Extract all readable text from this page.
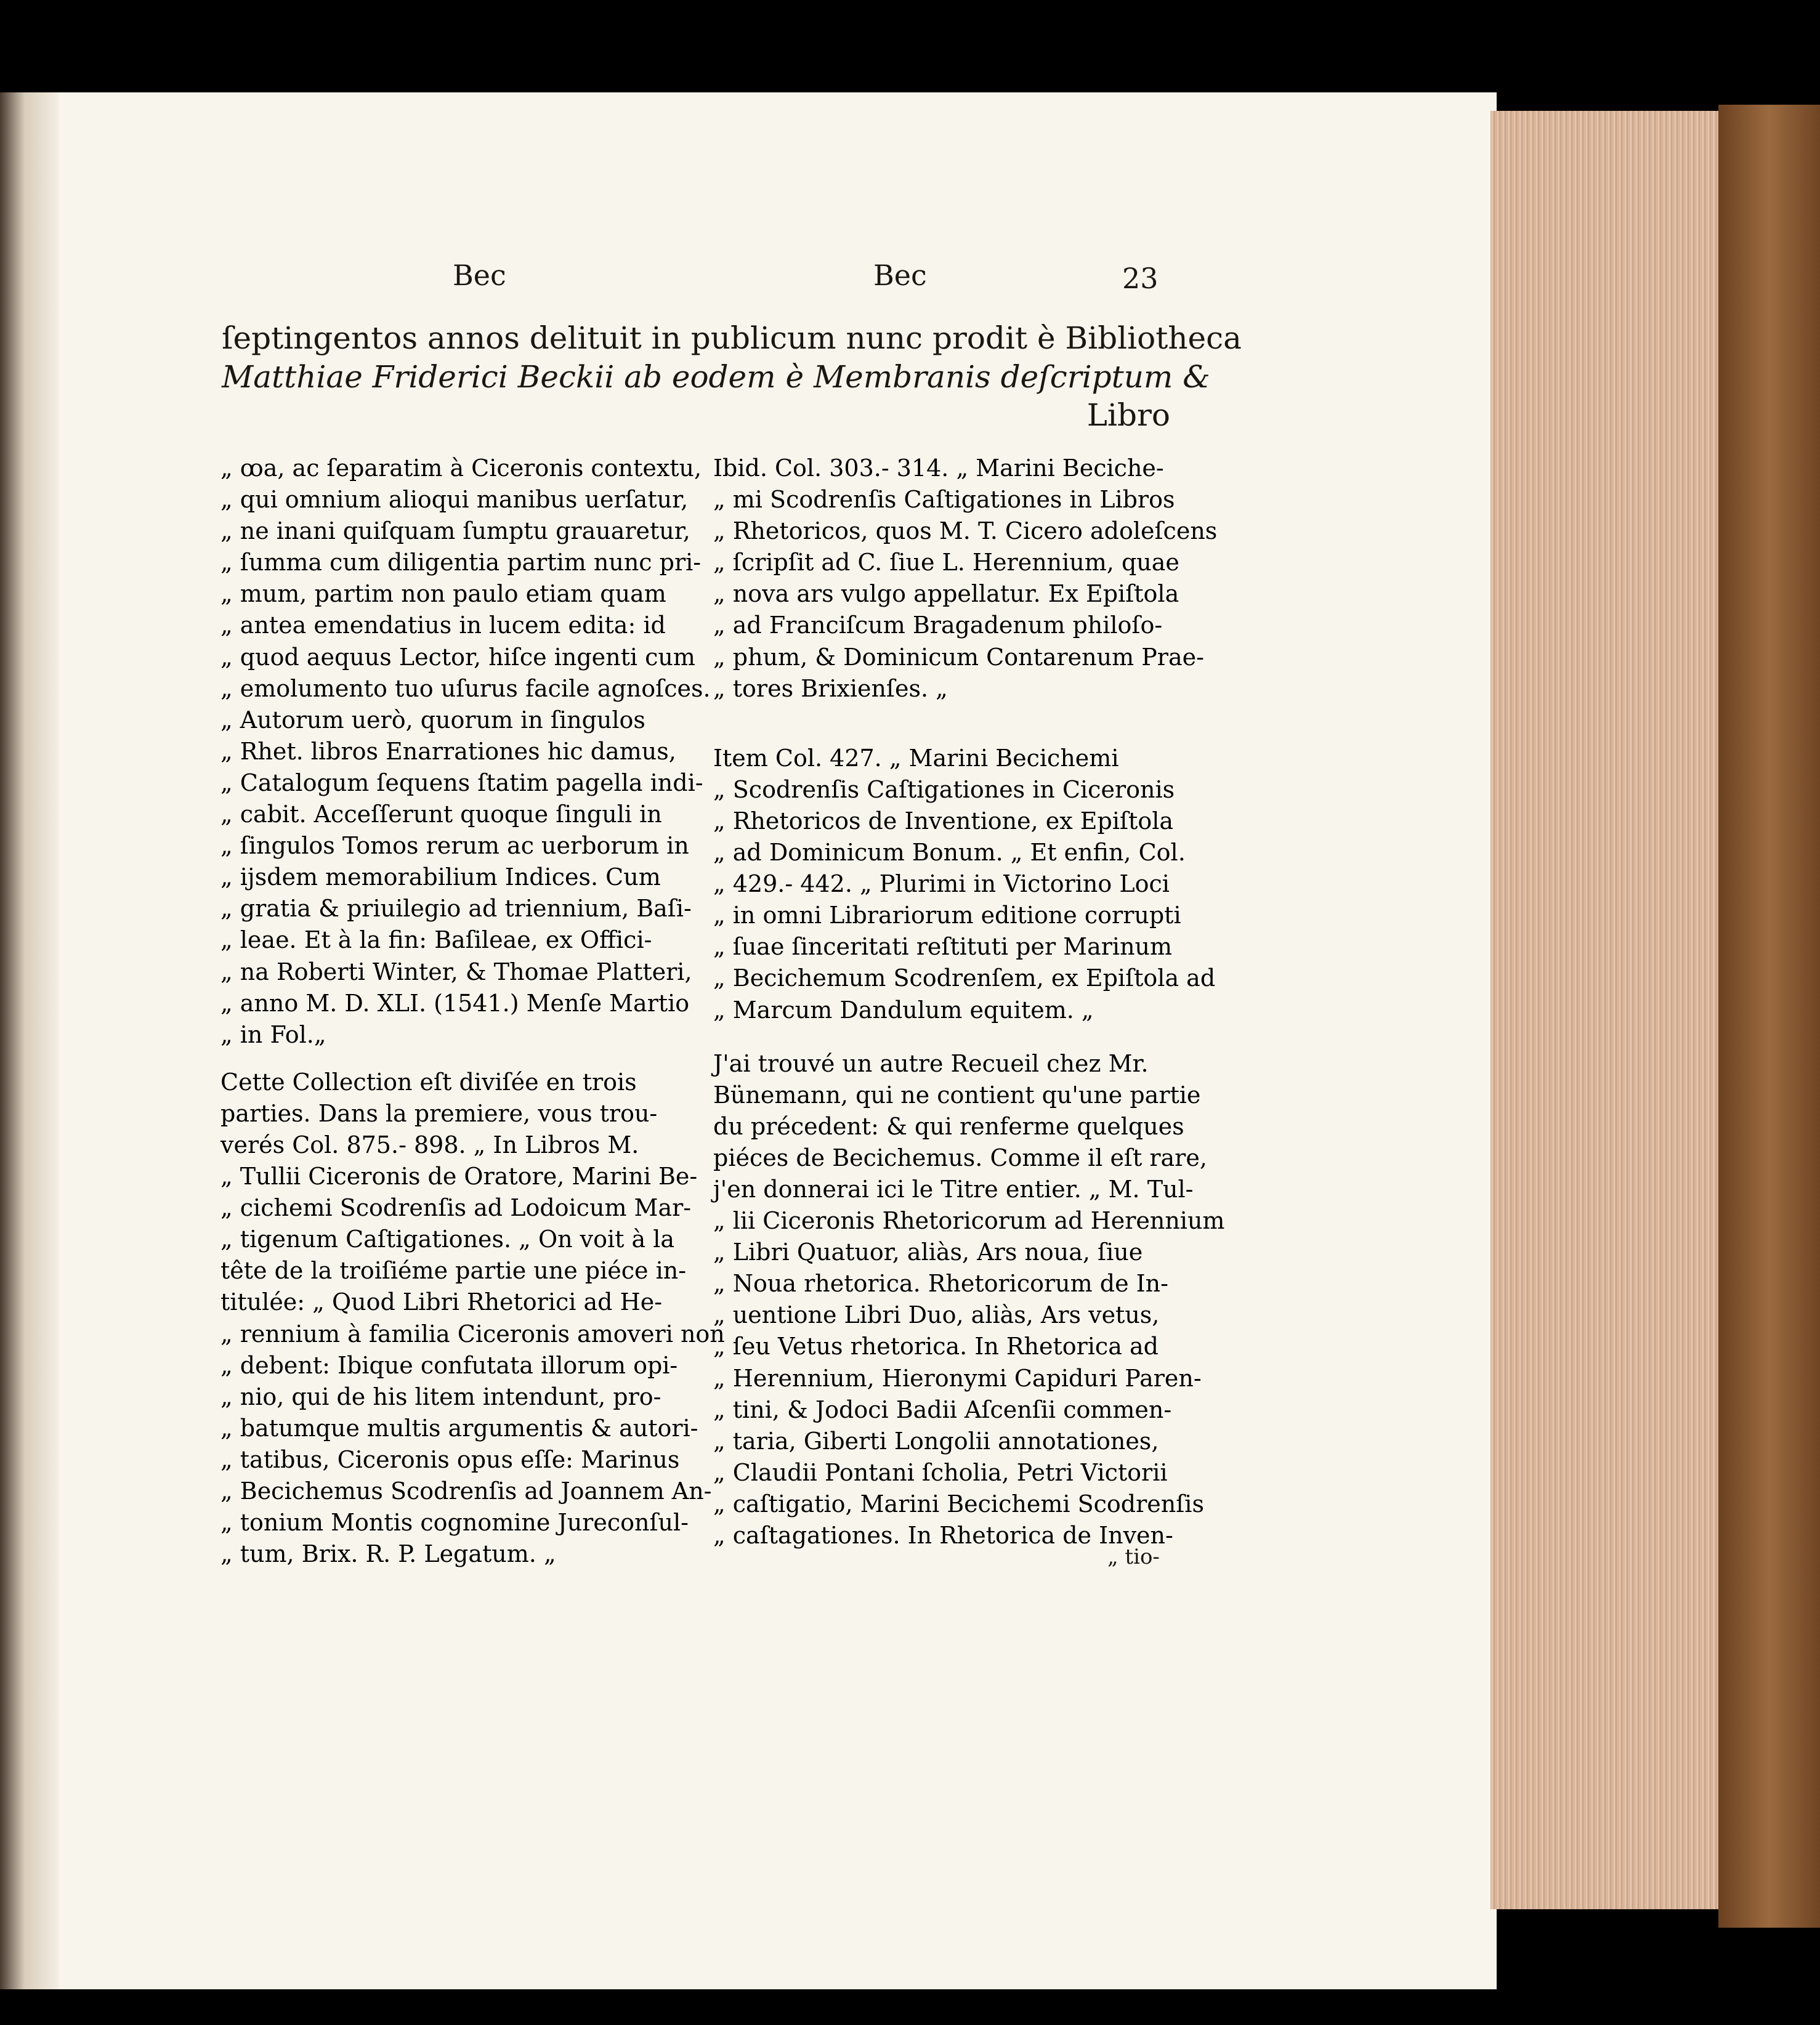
Bec	Bec	23
ſeptingentos annos delituit in publicum nunc prodit è Bibliotheca
Matthiae Friderici Beckii ab eodem è Membranis deſcriptum &
Libro
„ ꝏa, ac ſeparatim à Ciceronis contextu,
„ qui omnium alioqui manibus uerſatur,
„ ne inani quiſquam ſumptu grauaretur,
„ ſumma cum diligentia partim nunc pri-
„ mum, partim non paulo etiam quam
„ antea emendatius in lucem edita: id
„ quod aequus Lector, hiſce ingenti cum
„ emolumento tuo uſurus facile agnoſces.
„ Autorum uerò, quorum in ſingulos
„ Rhet. libros Enarrationes hic damus,
„ Catalogum ſequens ſtatim pagella indi-
„ cabit. Acceſſerunt quoque ſinguli in
„ ſingulos Tomos rerum ac uerborum in
„ ijsdem memorabilium Indices. Cum
„ gratia & priuilegio ad triennium, Baſi-
„ leae. Et à la fin: Baſileae, ex Offici-
„ na Roberti Winter, & Thomae Platteri,
„ anno M. D. XLI. (1541.) Menſe Martio
„ in Fol.„
Cette Collection eſt diviſée en trois
parties. Dans la premiere, vous trou-
verés Col. 875.- 898. „ In Libros M.
„ Tullii Ciceronis de Oratore, Marini Be-
„ cichemi Scodrenſis ad Lodoicum Mar-
„ tigenum Caſtigationes. „ On voit à la
tête de la troiſiéme partie une piéce in-
titulée: „ Quod Libri Rhetorici ad He-
„ rennium à familia Ciceronis amoveri non
„ debent: Ibique confutata illorum opi-
„ nio, qui de his litem intendunt, pro-
„ batumque multis argumentis & autori-
„ tatibus, Ciceronis opus eſſe: Marinus
„ Becichemus Scodrenſis ad Joannem An-
„ tonium Montis cognomine Jureconſul-
„ tum, Brix. R. P. Legatum. „
Ibid. Col. 303.- 314. „ Marini Beciche-
„ mi Scodrenſis Caſtigationes in Libros
„ Rhetoricos, quos M. T. Cicero adoleſcens
„ ſcripſit ad C. ſiue L. Herennium, quae
„ nova ars vulgo appellatur. Ex Epiſtola
„ ad Franciſcum Bragadenum philoſo-
„ phum, & Dominicum Contarenum Prae-
„ tores Brixienſes. „
Item Col. 427. „ Marini Becichemi
„ Scodrenſis Caſtigationes in Ciceronis
„ Rhetoricos de Inventione, ex Epiſtola
„ ad Dominicum Bonum. „ Et enfin, Col.
„ 429.- 442. „ Plurimi in Victorino Loci
„ in omni Librariorum editione corrupti
„ ſuae ſinceritati reſtituti per Marinum
„ Becichemum Scodrenſem, ex Epiſtola ad
„ Marcum Dandulum equitem. „
J'ai trouvé un autre Recueil chez Mr.
Bünemann, qui ne contient qu'une partie
du précedent: & qui renferme quelques
piéces de Becichemus. Comme il eſt rare,
j'en donnerai ici le Titre entier. „ M. Tul-
„ lii Ciceronis Rhetoricorum ad Herennium
„ Libri Quatuor, aliàs, Ars noua, ſiue
„ Noua rhetorica. Rhetoricorum de In-
„ uentione Libri Duo, aliàs, Ars vetus,
„ ſeu Vetus rhetorica. In Rhetorica ad
„ Herennium, Hieronymi Capiduri Paren-
„ tini, & Jodoci Badii Aſcenſii commen-
„ taria, Giberti Longolii annotationes,
„ Claudii Pontani ſcholia, Petri Victorii
„ caſtigatio, Marini Becichemi Scodrenſis
„ caſtagationes. In Rhetorica de Inven-
„ tio-
